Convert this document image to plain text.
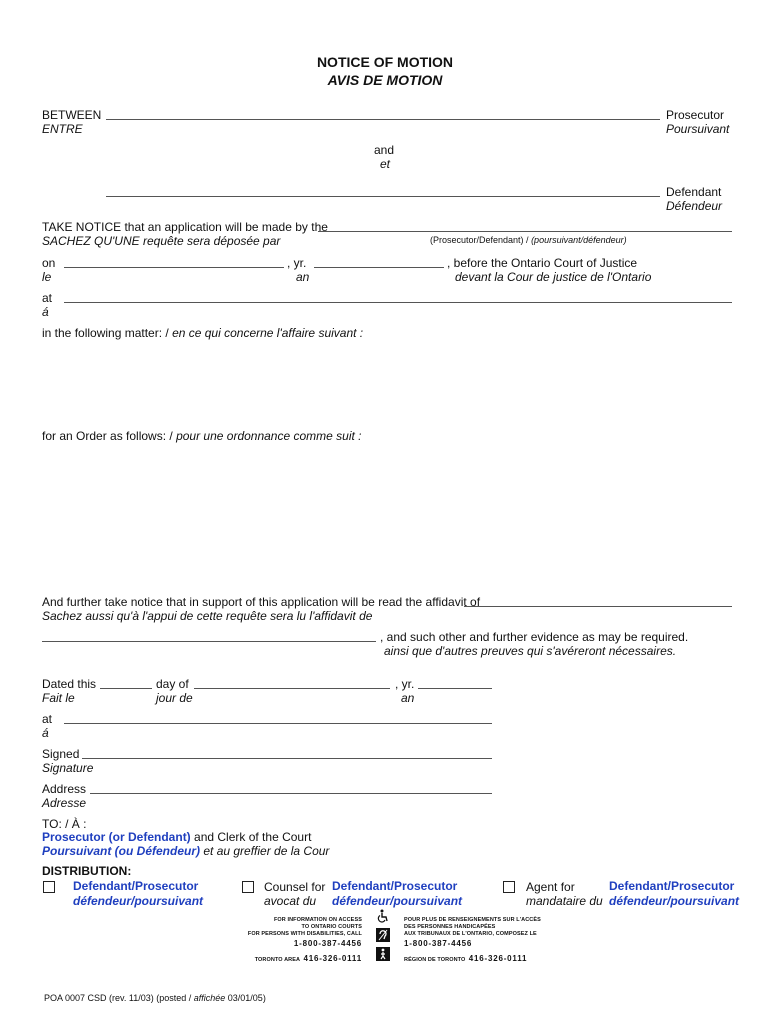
NOTICE OF MOTION
AVIS DE MOTION
BETWEEN
ENTRE
Prosecutor
Poursuivant
and
et
Defendant
Défendeur
TAKE NOTICE that an application will be made by the
SACHEZ QU'UNE requête sera déposée par	(Prosecutor/Defendant) / (poursuivant/défendeur)
on
le
, yr.
an
, before the Ontario Court of Justice
devant la Cour de justice de l'Ontario
at
á
in the following matter: / en ce qui concerne l'affaire suivant :
for an Order as follows: / pour une ordonnance comme suit :
And further take notice that in support of this application will be read the affidavit of
Sachez aussi qu'à l'appui de cette requête sera lu l'affidavit de
, and such other and further evidence as may be required.
ainsi que d'autres preuves qui s'avéreront nécessaires.
Dated this
Fait le
day of
jour de
, yr.
an
at
á
Signed
Signature
Address
Adresse
TO: / À :
Prosecutor (or Defendant) and Clerk of the Court
Poursuivant (ou Défendeur) et au greffier de la Cour
DISTRIBUTION:
Defendant/Prosecutor
défendeur/poursuivant
Counsel for
avocat du
Defendant/Prosecutor
défendeur/poursuivant
Agent for
mandataire du
Defendant/Prosecutor
défendeur/poursuivant
FOR INFORMATION ON ACCESS
TO ONTARIO COURTS
FOR PERSONS WITH DISABILITIES, CALL
1-800-387-4456
TORONTO AREA 416-326-0111
POUR PLUS DE RENSEIGNEMENTS SUR L'ACCÈS
DES PERSONNES HANDICAPÉES
AUX TRIBUNAUX DE L'ONTARIO, COMPOSEZ LE
1-800-387-4456
RÉGION DE TORONTO 416-326-0111
POA 0007 CSD (rev. 11/03) (posted / affichée 03/01/05)
